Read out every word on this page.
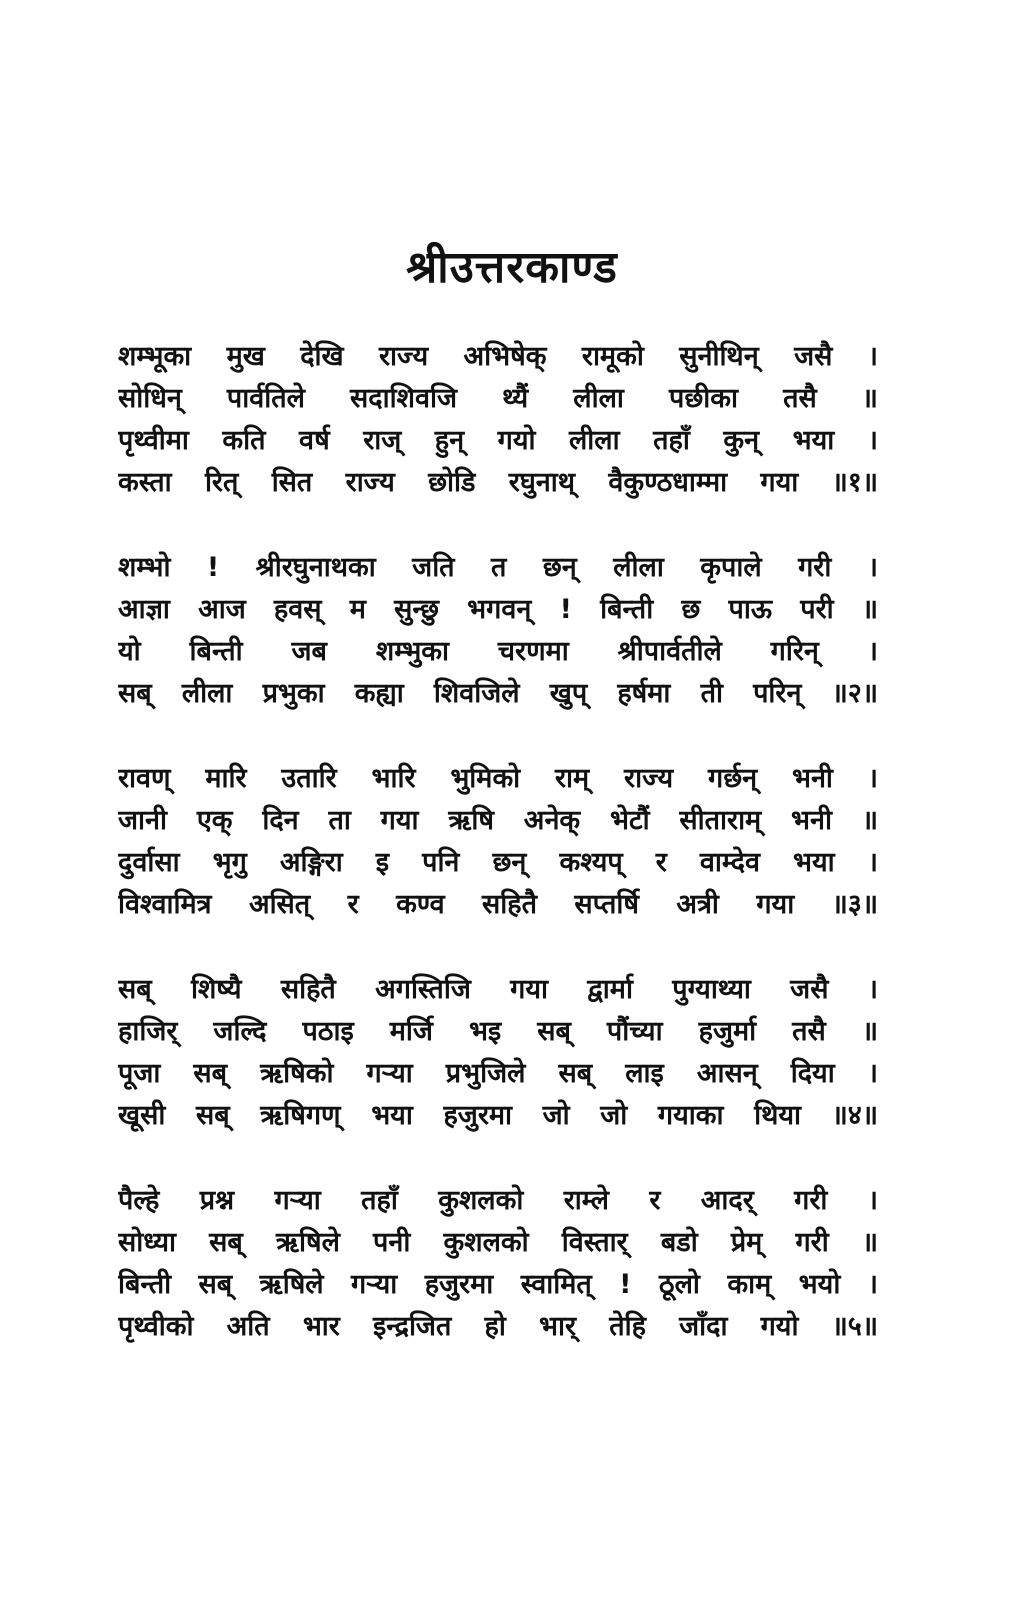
श्रीउत्तरकाण्ड
शम्भूका मुख देखि राज्य अभिषेक् रामूको सुनीथिन् जसै ।
सोधिन् पार्वतिले सदाशिवजि थ्यैं लीला पछीका तसै ॥
पृथ्वीमा कति वर्ष राज् हुन् गयो लीला तहाँ कुन् भया ।
कस्ता रित् सित राज्य छोडि रघुनाथ् वैकुण्ठधाम्मा गया ॥१॥
शम्भो ! श्रीरघुनाथका जति त छन् लीला कृपाले गरी ।
आज्ञा आज हवस् म सुन्छु भगवन् ! बिन्ती छ पाऊ परी ॥
यो बिन्ती जब शम्भुका चरणमा श्रीपार्वतीले गरिन् ।
सब् लीला प्रभुका कह्या शिवजिले खुप् हर्षमा ती परिन् ॥२॥
रावण् मारि उतारि भारि भुमिको राम् राज्य गर्छन् भनी ।
जानी एक् दिन ता गया ऋषि अनेक् भेटौं सीताराम् भनी ॥
दुर्वासा भृगु अङ्गिरा इ पनि छन् कश्यप् र वाम्देव भया ।
विश्वामित्र असित् र कण्व सहितै सप्तर्षि अत्री गया ॥३॥
सब् शिष्यै सहितै अगस्तिजि गया द्वार्मा पुग्याथ्या जसै ।
हाजिर् जल्दि पठाइ मर्जि भइ सब् पौंच्या हजुर्मा तसै ॥
पूजा सब् ऋषिको गऱ्या प्रभुजिले सब् लाइ आसन् दिया ।
खूसी सब् ऋषिगण् भया हजुरमा जो जो गयाका थिया ॥४॥
पैल्हे प्रश्न गऱ्या तहाँ कुशलको राम्ले र आदर् गरी ।
सोध्या सब् ऋषिले पनी कुशलको विस्तार् बडो प्रेम् गरी ॥
बिन्ती सब् ऋषिले गऱ्या हजुरमा स्वामित् ! ठूलो काम् भयो ।
पृथ्वीको अति भार इन्द्रजित हो भार् तेहि जाँदा गयो ॥५॥
